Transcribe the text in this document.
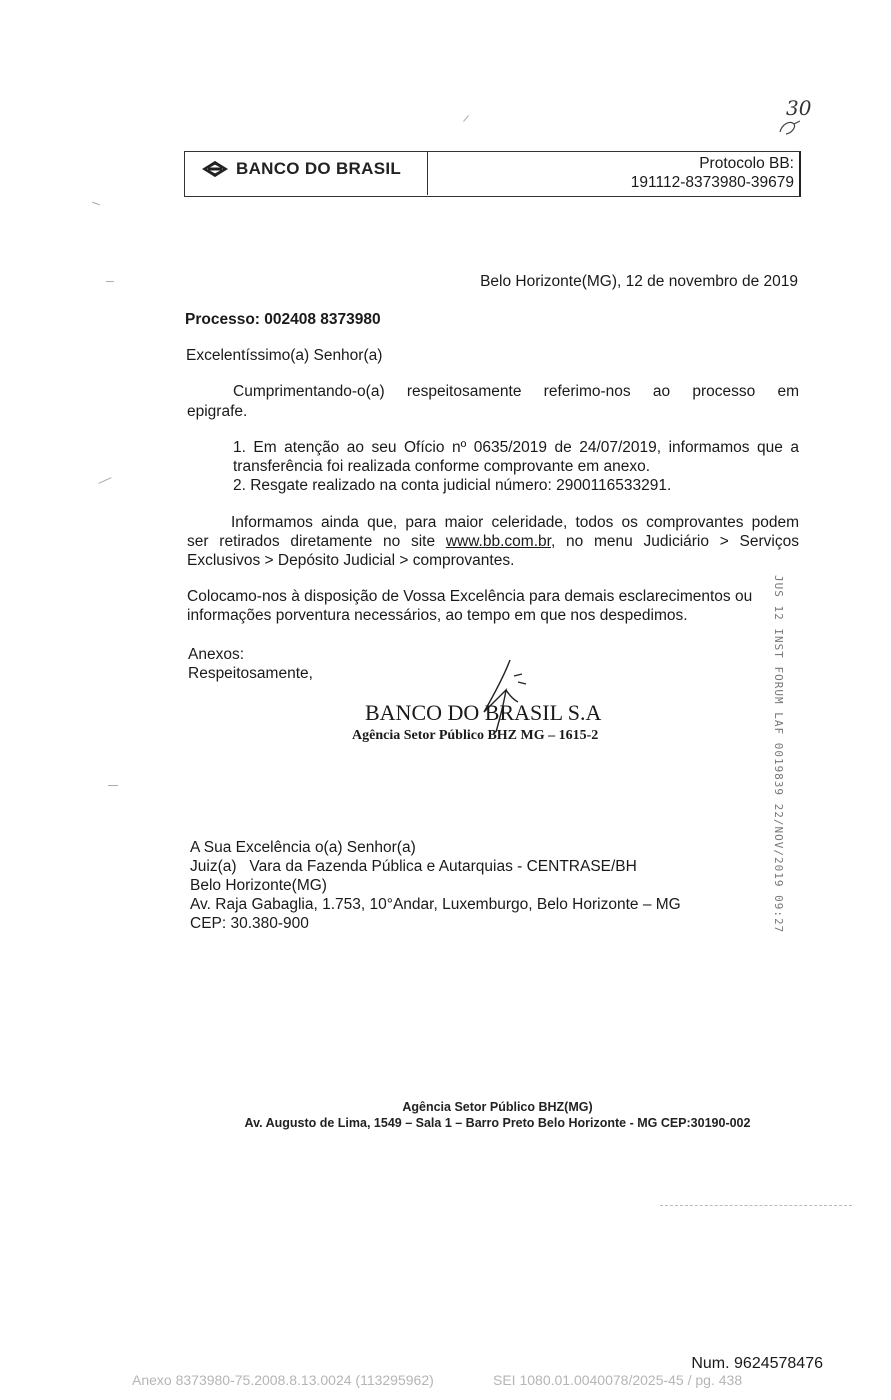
BANCO DO BRASIL	Protocolo BB:
191112-8373980-39679
30
Belo Horizonte(MG), 12 de novembro de 2019
Processo: 002408 8373980
Excelentíssimo(a) Senhor(a)
Cumprimentando-o(a) respeitosamente referimo-nos ao processo em
epigrafe.
1. Em atenção ao seu Ofício nº 0635/2019 de 24/07/2019, informamos que a
transferência foi realizada conforme comprovante em anexo.
2. Resgate realizado na conta judicial número: 2900116533291.
Informamos ainda que, para maior celeridade, todos os comprovantes podem
ser retirados diretamente no site www.bb.com.br, no menu Judiciário > Serviços
Exclusivos > Depósito Judicial > comprovantes.
Colocamo-nos à disposição de Vossa Excelência para demais esclarecimentos ou
informações porventura necessários, ao tempo em que nos despedimos.
Anexos:
Respeitosamente,
BANCO DO BRASIL S.A
Agência Setor Público BHZ MG – 1615-2	JUS 12 INST FORUM LAF 0019839 22/NOV/2019 09:27
A Sua Excelência o(a) Senhor(a)
Juiz(a)   Vara da Fazenda Pública e Autarquias - CENTRASE/BH
Belo Horizonte(MG)
Av. Raja Gabaglia, 1.753, 10°Andar, Luxemburgo, Belo Horizonte – MG
CEP: 30.380-900
Agência Setor Público BHZ(MG)
Av. Augusto de Lima, 1549 – Sala 1 – Barro Preto Belo Horizonte - MG CEP:30190-002
Num. 9624578476
Anexo 8373980-75.2008.8.13.0024 (113295962)	SEI 1080.01.0040078/2025-45 / pg. 438
